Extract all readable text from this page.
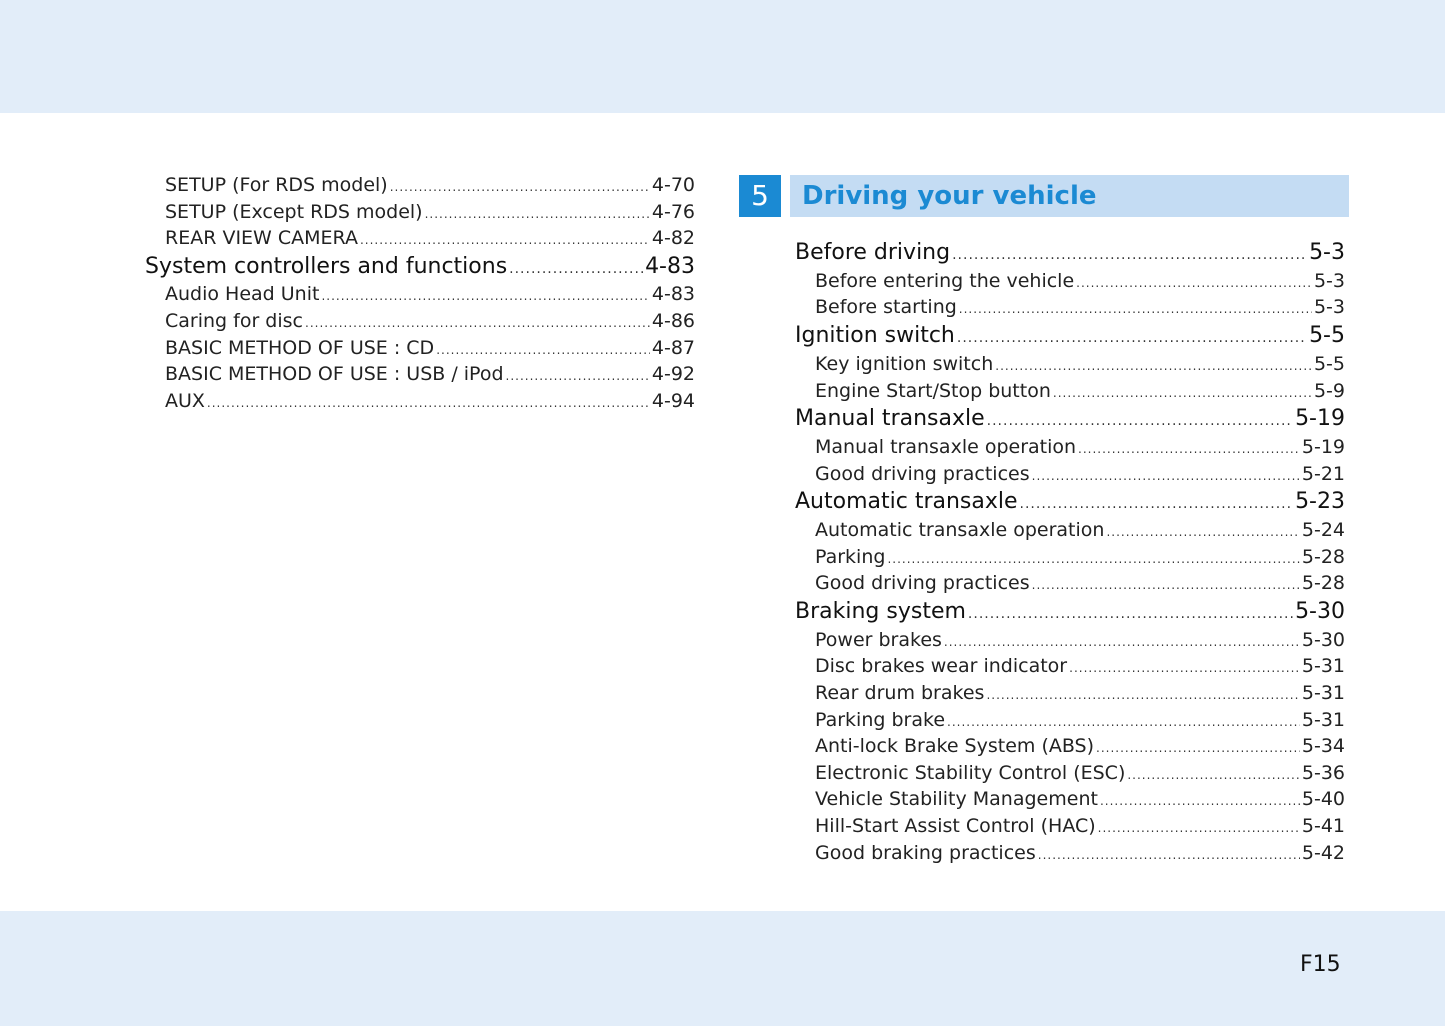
SETUP (For RDS model) .....	4-70
SETUP (Except RDS model) .....	4-76
REAR VIEW CAMERA .....	4-82
System controllers and functions .....	4-83
Audio Head Unit .....	4-83
Caring for disc .....	4-86
BASIC METHOD OF USE : CD .....	4-87
BASIC METHOD OF USE : USB / iPod .....	4-92
AUX .....	4-94
5	Driving your vehicle
Before driving .....	5-3
Before entering the vehicle .....	5-3
Before starting .....	5-3
Ignition switch .....	5-5
Key ignition switch .....	5-5
Engine Start/Stop button .....	5-9
Manual transaxle .....	5-19
Manual transaxle operation .....	5-19
Good driving practices .....	5-21
Automatic transaxle .....	5-23
Automatic transaxle operation .....	5-24
Parking .....	5-28
Good driving practices .....	5-28
Braking system .....	5-30
Power brakes .....	5-30
Disc brakes wear indicator .....	5-31
Rear drum brakes .....	5-31
Parking brake .....	5-31
Anti-lock Brake System (ABS) .....	5-34
Electronic Stability Control (ESC) .....	5-36
Vehicle Stability Management .....	5-40
Hill-Start Assist Control (HAC) .....	5-41
Good braking practices .....	5-42
F15
